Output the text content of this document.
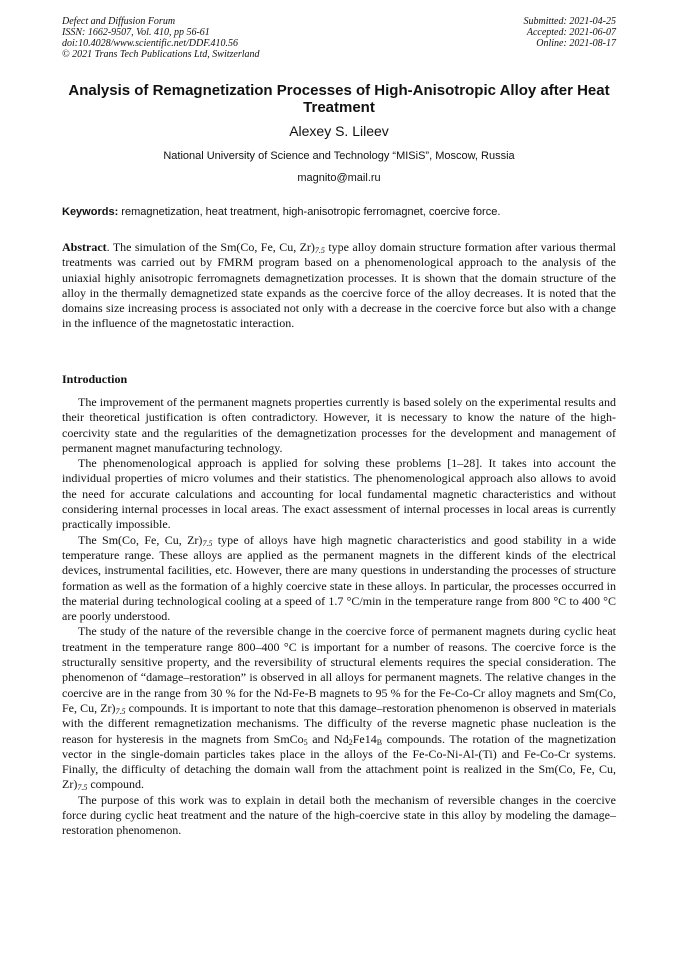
Defect and Diffusion Forum
ISSN: 1662-9507, Vol. 410, pp 56-61
doi:10.4028/www.scientific.net/DDF.410.56
© 2021 Trans Tech Publications Ltd, Switzerland
Submitted: 2021-04-25
Accepted: 2021-06-07
Online: 2021-08-17
Analysis of Remagnetization Processes of High-Anisotropic Alloy after Heat Treatment
Alexey S. Lileev
National University of Science and Technology “MISiS”, Moscow, Russia
magnito@mail.ru
Keywords: remagnetization, heat treatment, high-anisotropic ferromagnet, coercive force.

Abstract. The simulation of the Sm(Co, Fe, Cu, $Zr)_{7.5}$ type alloy domain structure formation after various thermal treatments was carried out by FMRM program based on a phenomenological approach to the analysis of the uniaxial highly anisotropic ferromagnets demagnetization processes. It is shown that the domain structure of the alloy in the thermally demagnetized state expands as the coercive force of the alloy decreases. It is noted that the domains size increasing process is associated not only with a decrease in the coercive force but also with a change in the influence of the magnetostatic interaction.

Introduction

The improvement of the permanent magnets properties currently is based solely on the experimental results and their theoretical justification is often contradictory. However, it is necessary to know the nature of the high-coercivity state and the regularities of the demagnetization processes for the development and management of permanent magnet manufacturing technology.

The phenomenological approach is applied for solving these problems [1–28]. It takes into account the individual properties of micro volumes and their statistics. The phenomenological approach also allows to avoid the need for accurate calculations and accounting for local fundamental magnetic characteristics and without considering internal processes in local areas. The exact assessment of internal processes in local areas is currently practically impossible.

The Sm(Co, Fe, Cu, $Zr)_{7.5}$ type of alloys have high magnetic characteristics and good stability in a wide temperature range. These alloys are applied as the permanent magnets in the different kinds of the electrical devices, instrumental facilities, etc. However, there are many questions in understanding the processes of structure formation as well as the formation of a highly coercive state in these alloys. In particular, the processes occurred in the material during technological cooling at a speed of 1.7 °C/min in the temperature range from 800 °C to 400 °C are poorly understood.

The study of the nature of the reversible change in the coercive force of permanent magnets during cyclic heat treatment in the temperature range 800–400 °C is important for a number of reasons. The coercive force is the structurally sensitive property, and the reversibility of structural elements requires the special consideration. The phenomenon of “damage–restoration” is observed in all alloys for permanent magnets. The relative changes in the coercive are in the range from 30 % for the Nd-Fe-B magnets to 95 % for the Fe-Co-Cr alloy magnets and Sm(Co, Fe, Cu, $Zr)_{7.5}$ compounds. It is important to note that this damage–restoration phenomenon is observed in materials with the different remagnetization mechanisms. The difficulty of the reverse magnetic phase nucleation is the reason for hysteresis in the magnets from SmCo$_5$ and $Nd_2Fe14_B$ compounds. The rotation of the magnetization vector in the single-domain particles takes place in the alloys of the Fe-Co-Ni-Al-(Ti) and Fe-Co-Cr systems. Finally, the difficulty of detaching the domain wall from the attachment point is realized in the Sm(Co, Fe, Cu, $Zr)_{7.5}$ compound.

The purpose of this work was to explain in detail both the mechanism of reversible changes in the coercive force during cyclic heat treatment and the nature of the high-coercive state in this alloy by modeling the damage–restoration phenomenon.
